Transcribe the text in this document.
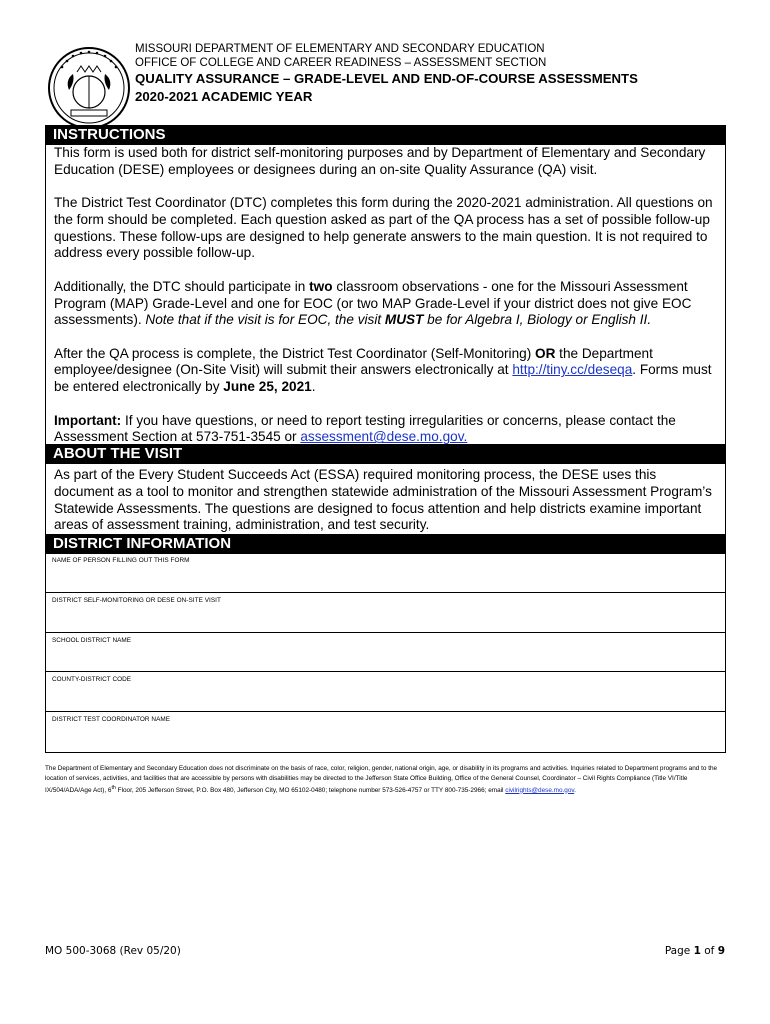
MISSOURI DEPARTMENT OF ELEMENTARY AND SECONDARY EDUCATION
OFFICE OF COLLEGE AND CAREER READINESS – ASSESSMENT SECTION
QUALITY ASSURANCE – GRADE-LEVEL AND END-OF-COURSE ASSESSMENTS
2020-2021 ACADEMIC YEAR
INSTRUCTIONS

This form is used both for district self-monitoring purposes and by Department of Elementary and Secondary Education (DESE) employees or designees during an on-site Quality Assurance (QA) visit.

The District Test Coordinator (DTC) completes this form during the 2020-2021 administration. All questions on the form should be completed. Each question asked as part of the QA process has a set of possible follow-up questions. These follow-ups are designed to help generate answers to the main question. It is not required to address every possible follow-up.

Additionally, the DTC should participate in two classroom observations - one for the Missouri Assessment Program (MAP) Grade-Level and one for EOC (or two MAP Grade-Level if your district does not give EOC assessments). Note that if the visit is for EOC, the visit MUST be for Algebra I, Biology or English II.

After the QA process is complete, the District Test Coordinator (Self-Monitoring) OR the Department employee/designee (On-Site Visit) will submit their answers electronically at http://tiny.cc/deseqa. Forms must be entered electronically by June 25, 2021.

Important: If you have questions, or need to report testing irregularities or concerns, please contact the Assessment Section at 573-751-3545 or assessment@dese.mo.gov.

ABOUT THE VISIT

As part of the Every Student Succeeds Act (ESSA) required monitoring process, the DESE uses this document as a tool to monitor and strengthen statewide administration of the Missouri Assessment Program’s Statewide Assessments. The questions are designed to focus attention and help districts examine important areas of assessment training, administration, and test security.

DISTRICT INFORMATION
NAME OF PERSON FILLING OUT THIS FORM
DISTRICT SELF-MONITORING OR DESE ON-SITE VISIT
SCHOOL DISTRICT NAME
COUNTY-DISTRICT CODE
DISTRICT TEST COORDINATOR NAME
The Department of Elementary and Secondary Education does not discriminate on the basis of race, color, religion, gender, national origin, age, or disability in its programs and activities. Inquiries related to Department programs and to the location of services, activities, and facilities that are accessible by persons with disabilities may be directed to the Jefferson State Office Building, Office of the General Counsel, Coordinator – Civil Rights Compliance (Title VI/Title IX/504/ADA/Age Act), 6th Floor, 205 Jefferson Street, P.O. Box 480, Jefferson City, MO 65102-0480; telephone number 573-526-4757 or TTY 800-735-2966; email civilrights@dese.mo.gov.
MO 500-3068 (Rev 05/20)	Page 1 of 9
